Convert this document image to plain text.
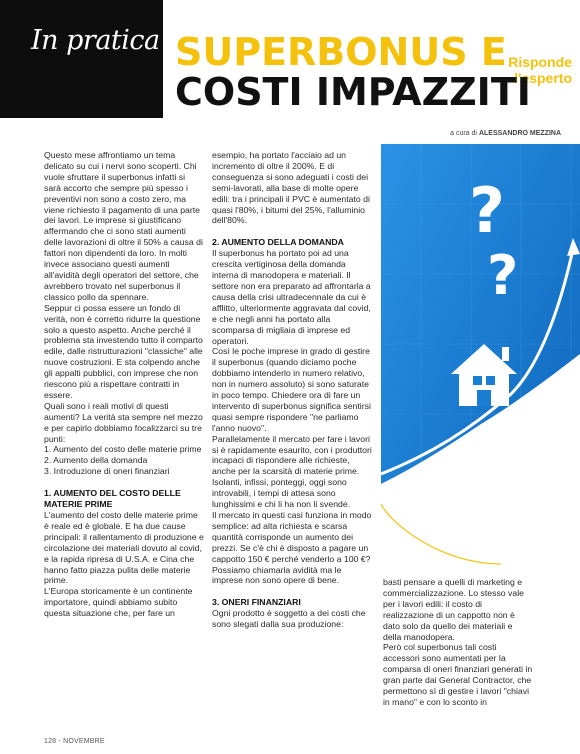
In pratica
Risponde
l'esperto
SUPERBONUS E
COSTI IMPAZZITI
a cura di ALESSANDRO MEZZINA

Questo mese affrontiamo un tema delicato su cui i nervi sono scoperti. Chi vuole sfruttare il superbonus infatti si sarà accorto che sempre più spesso i preventivi non sono a costo zero, ma viene richiesto il pagamento di una parte dei lavori. Le imprese si giustificano affermando che ci sono stati aumenti delle lavorazioni di oltre il 50% a causa di fattori non dipendenti da loro. In molti invece associano questi aumenti all'avidità degli operatori del settore, che avrebbero trovato nel superbonus il classico pollo da spennare.

Seppur ci possa essere un fondo di verità, non è corretto ridurre la questione solo a questo aspetto. Anche perché il problema sta investendo tutto il comparto edile, dalle ristrutturazioni "classiche" alle nuove costruzioni. E sta colpendo anche gli appalti pubblici, con imprese che non riescono più a rispettare contratti in essere.

Quali sono i reali motivi di questi aumenti? La verità sta sempre nel mezzo e per capirlo dobbiamo focalizzarci su tre punti:

1. Aumento del costo delle materie prime

2. Aumento della domanda

3. Introduzione di oneri finanziari

1. AUMENTO DEL COSTO DELLE MATERIE PRIME

L'aumento del costo delle materie prime è reale ed è globale. E ha due cause principali: il rallentamento di produzione e circolazione dei materiali dovuto al covid, e la rapida ripresa di U.S.A. e Cina che hanno fatto piazza pulita delle materie prime.

L'Europa storicamente è un continente importatore, quindi abbiamo subito questa situazione che, per fare un

esempio, ha portato l'acciaio ad un incremento di oltre il 200%. E di conseguenza si sono adeguati i costi dei semi-lavorati, alla base di molte opere edili: tra i principali il PVC è aumentato di quasi l'80%, i bitumi del 25%, l'alluminio dell'80%.

2. AUMENTO DELLA DOMANDA

Il superbonus ha portato poi ad una crescita vertiginosa della domanda interna di manodopera e materiali. Il settore non era preparato ad affrontarla a causa della crisi ultradecennale da cui è afflitto, ulteriormente aggravata dal covid, e che negli anni ha portato alla scomparsa di migliaia di imprese ed operatori.

Così le poche imprese in grado di gestire il superbonus (quando diciamo poche dobbiamo intenderlo in numero relativo, non in numero assoluto) si sono saturate in poco tempo. Chiedere ora di fare un intervento di superbonus significa sentirsi quasi sempre rispondere "ne parliamo l'anno nuovo".

Parallelamente il mercato per fare i lavori si è rapidamente esaurito, con i produttori incapaci di rispondere alle richieste, anche per la scarsità di materie prime. Isolanti, infissi, ponteggi, oggi sono introvabili, i tempi di attesa sono lunghissimi e chi li ha non li svende.

Il mercato in questi casi funziona in modo semplice: ad alta richiesta e scarsa quantità corrisponde un aumento dei prezzi. Se c'è chi è disposto a pagare un cappotto 150 € perché venderlo a 100 €? Possiamo chiamarla avidità ma le imprese non sono opere di bene.

3. ONERI FINANZIARI

Ogni prodotto è soggetto a dei costi che sono slegati dalla sua produzione:

basti pensare a quelli di marketing e commercializzazione. Lo stesso vale per i lavori edili: il costo di realizzazione di un cappotto non è dato solo da quello dei materiali e della manodopera.

Però col superbonus tali costi accessori sono aumentati per la comparsa di oneri finanziari generati in gran parte dai General Contractor, che permettono sì di gestire i lavori "chiavi in mano" e con lo sconto in

?
?
128 - NOVEMBRE
